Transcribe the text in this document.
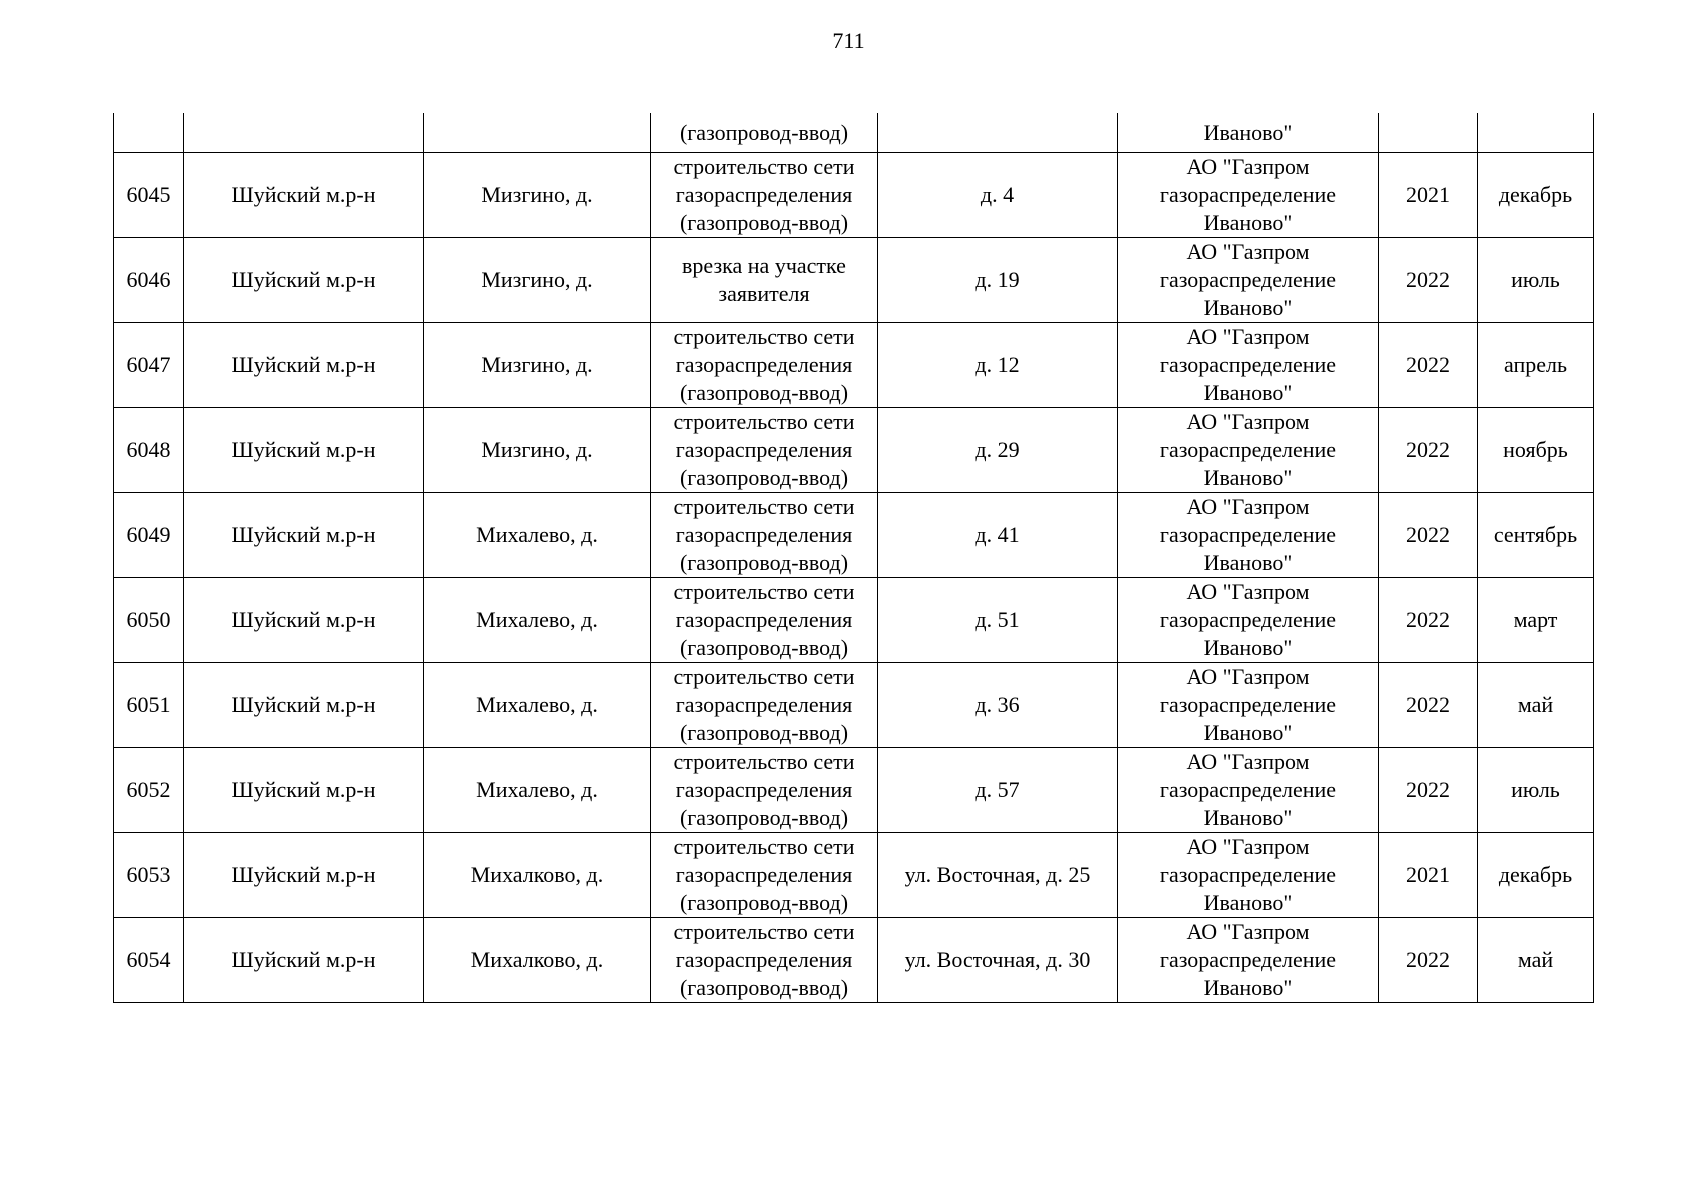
711
			(газопровод-ввод)		Иваново"		
6045	Шуйский м.р-н	Мизгино, д.	строительство сети газораспределения (газопровод-ввод)	д. 4	АО "Газпром газораспределение Иваново"	2021	декабрь
6046	Шуйский м.р-н	Мизгино, д.	врезка на участке заявителя	д. 19	АО "Газпром газораспределение Иваново"	2022	июль
6047	Шуйский м.р-н	Мизгино, д.	строительство сети газораспределения (газопровод-ввод)	д. 12	АО "Газпром газораспределение Иваново"	2022	апрель
6048	Шуйский м.р-н	Мизгино, д.	строительство сети газораспределения (газопровод-ввод)	д. 29	АО "Газпром газораспределение Иваново"	2022	ноябрь
6049	Шуйский м.р-н	Михалево, д.	строительство сети газораспределения (газопровод-ввод)	д. 41	АО "Газпром газораспределение Иваново"	2022	сентябрь
6050	Шуйский м.р-н	Михалево, д.	строительство сети газораспределения (газопровод-ввод)	д. 51	АО "Газпром газораспределение Иваново"	2022	март
6051	Шуйский м.р-н	Михалево, д.	строительство сети газораспределения (газопровод-ввод)	д. 36	АО "Газпром газораспределение Иваново"	2022	май
6052	Шуйский м.р-н	Михалево, д.	строительство сети газораспределения (газопровод-ввод)	д. 57	АО "Газпром газораспределение Иваново"	2022	июль
6053	Шуйский м.р-н	Михалково, д.	строительство сети газораспределения (газопровод-ввод)	ул. Восточная, д. 25	АО "Газпром газораспределение Иваново"	2021	декабрь
6054	Шуйский м.р-н	Михалково, д.	строительство сети газораспределения (газопровод-ввод)	ул. Восточная, д. 30	АО "Газпром газораспределение Иваново"	2022	май
